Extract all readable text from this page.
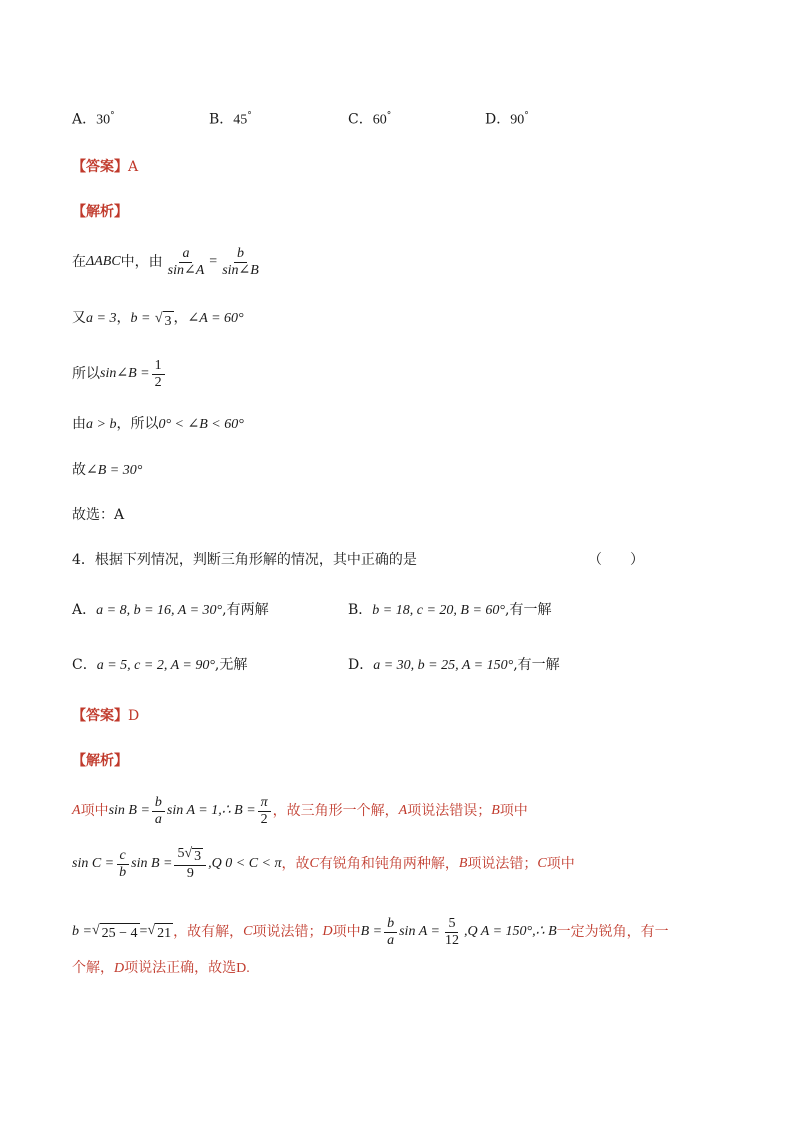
A．30°	B．45°	C．60°	D．90°
【答案】A
【解析】
在 ΔABC 中，由 $\frac{a}{\sin\angle A} = \frac{b}{\sin\angle B}$
又a = 3，b = √ 3 ，∠A = 60°
所以 sin∠B = $\frac{1}{2}$
由a > b，所以0° < ∠B < 60°
故∠B = 30°
故选：A
4．根据下列情况，判断三角形解的情况，其中正确的是	（　　）
A．a = 8, b = 16, A = 30°,有两解	B．b = 18, c = 20, B = 60°,有一解
C．a = 5, c = 2, A = 90°,无解	D．a = 30, b = 25, A = 150°,有一解
【答案】D
【解析】
A 项中 $\sin B = \frac{b}{a}$ sin A = 1,∴ $B = \frac{\pi}{2}$ ，故三角形一个解， A 项说法错误； B 项中
$\sin C = \frac{c}{b}$ $\sin B = \frac{5 √ 3}{9} ,Q$ 0 < C < π ，故 C 有锐角和钝角两种解， B 项说法错； C 项中
b = √ 25 − 4 = √ 21 ，故有解， C 项说法错； D 项中 $B = \frac{b}{a}$ $\sin A = \frac{5}{12} ,Q$ A = 150°,∴ B 一定为锐角，有一
个解，D项说法正确，故选D.
